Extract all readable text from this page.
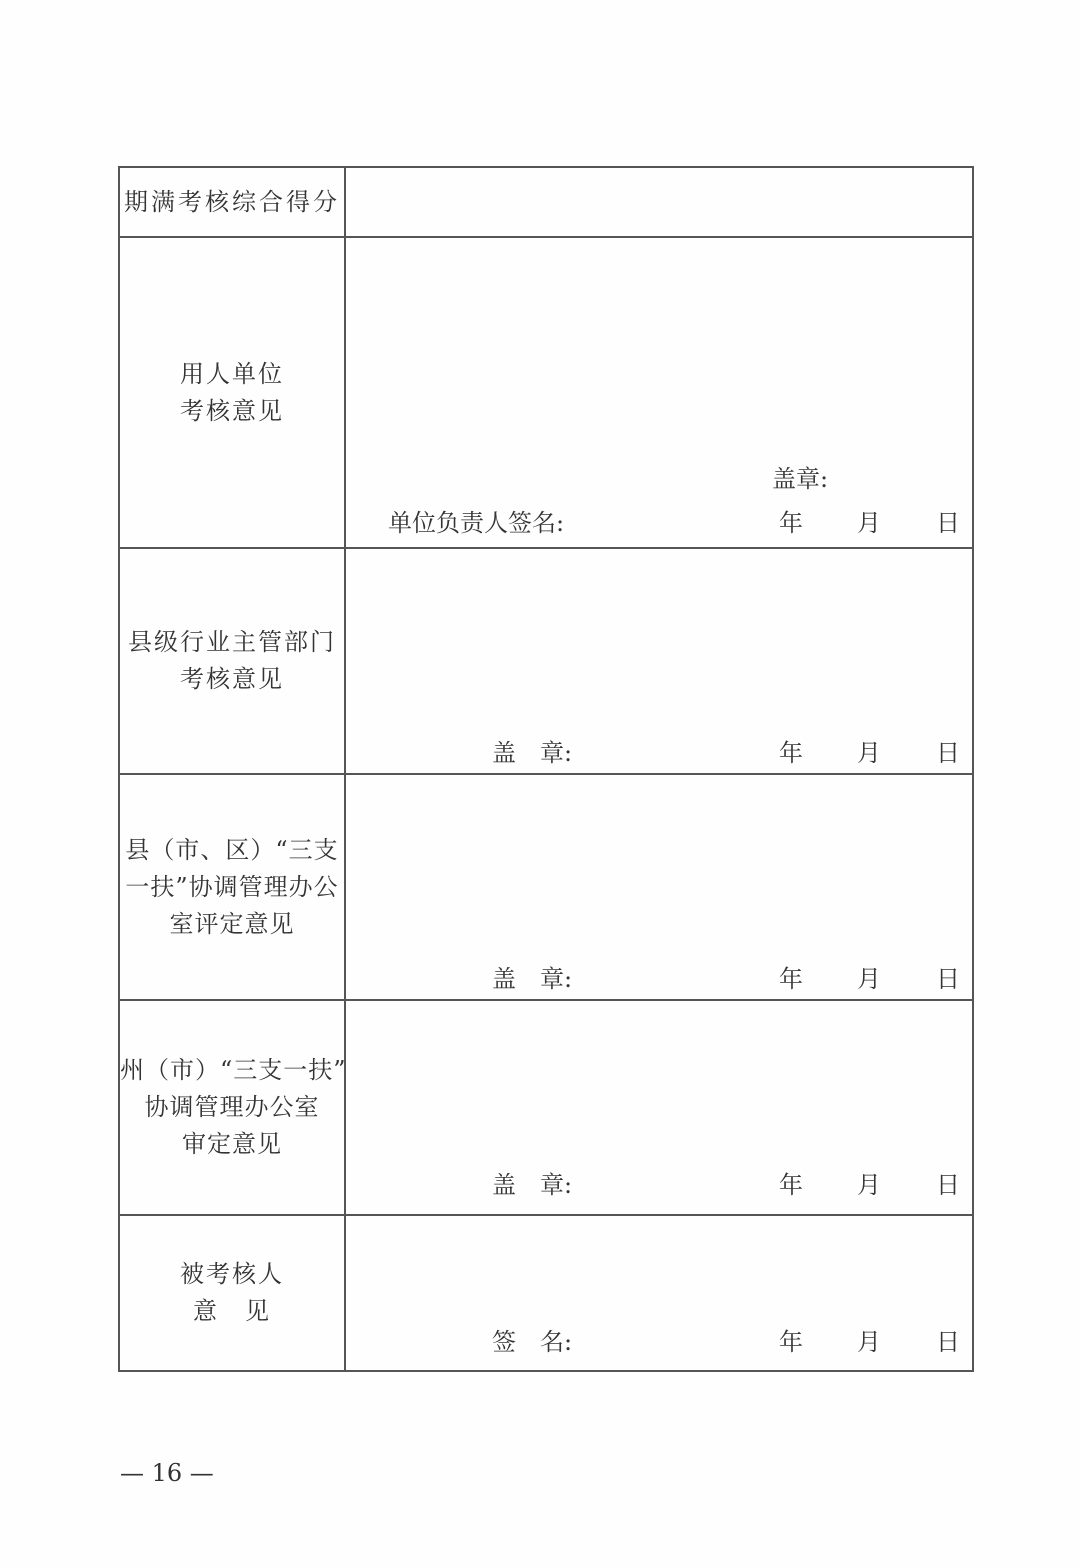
期满考核综合得分	

用人单位
考核意见	盖章:
单位负责人签名: 年 月 日

县级行业主管部门
考核意见	盖　章: 年 月 日

县（市、区）“三支
一扶”协调管理办公
室评定意见	盖　章: 年 月 日

州（市）“三支一扶”
协调管理办公室
审定意见	盖　章: 年 月 日

被考核人
意　见	签　名: 年 月 日
— 16 —
